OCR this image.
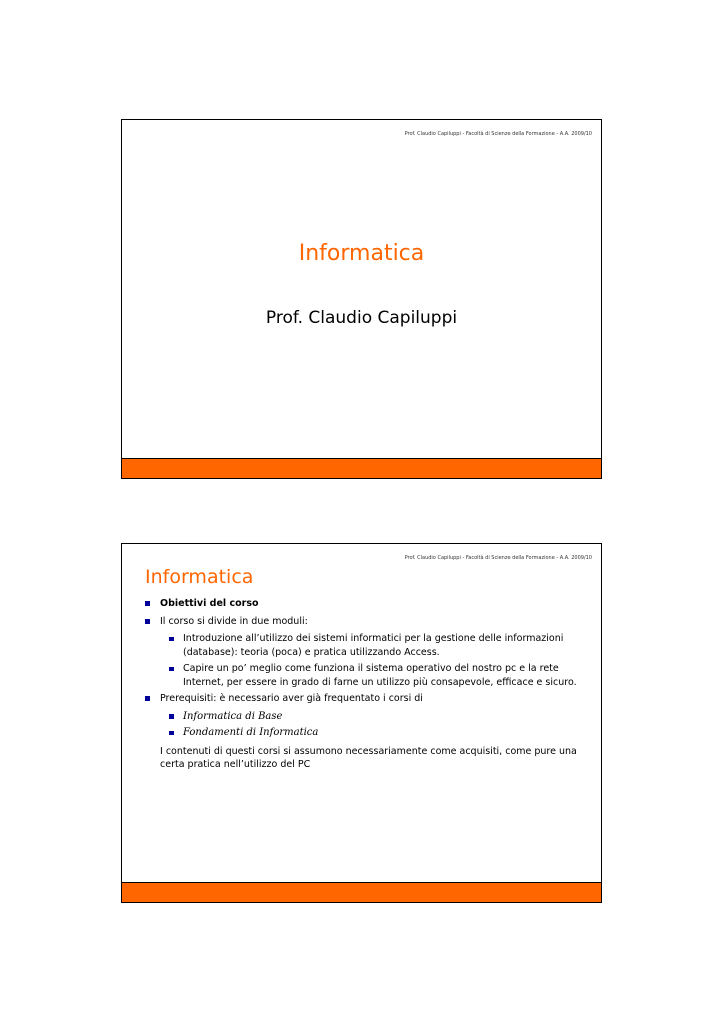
Prof. Claudio Capiluppi - Facoltà di Scienze della Formazione - A.A. 2009/10
Informatica
Prof. Claudio Capiluppi
Prof. Claudio Capiluppi - Facoltà di Scienze della Formazione - A.A. 2009/10
Informatica
Obiettivi del corso
Il corso si divide in due moduli:
Introduzione all’utilizzo dei sistemi informatici per la gestione delle informazioni (database): teoria (poca) e pratica utilizzando Access.
Capire un po’ meglio come funziona il sistema operativo del nostro pc e la rete Internet, per essere in grado di farne un utilizzo più consapevole, efficace e sicuro.
Prerequisiti: è necessario aver già frequentato i corsi di
Informatica di Base
Fondamenti di Informatica
I contenuti di questi corsi si assumono necessariamente come acquisiti, come pure una certa pratica nell’utilizzo del PC
